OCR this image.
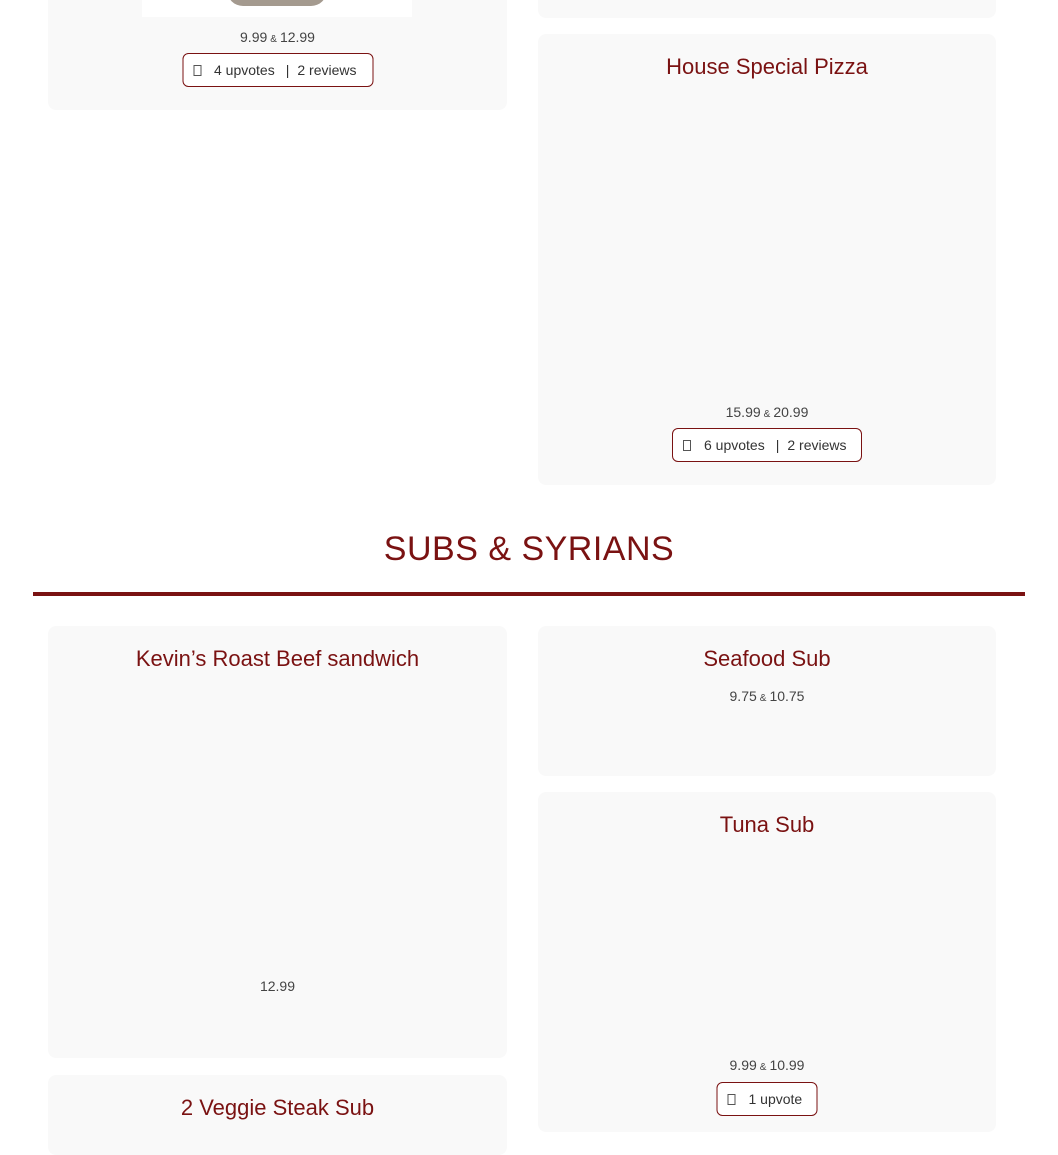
9.99 & 12.99
4 upvotes | 2 reviews	House Special Pizza
15.99 & 20.99
6 upvotes | 2 reviews
SUBS & SYRIANS
Kevin’s Roast Beef sandwich
12.99
Seafood Sub
9.75 & 10.75
Tuna Sub
9.99 & 10.99
1 upvote
2 Veggie Steak Sub
